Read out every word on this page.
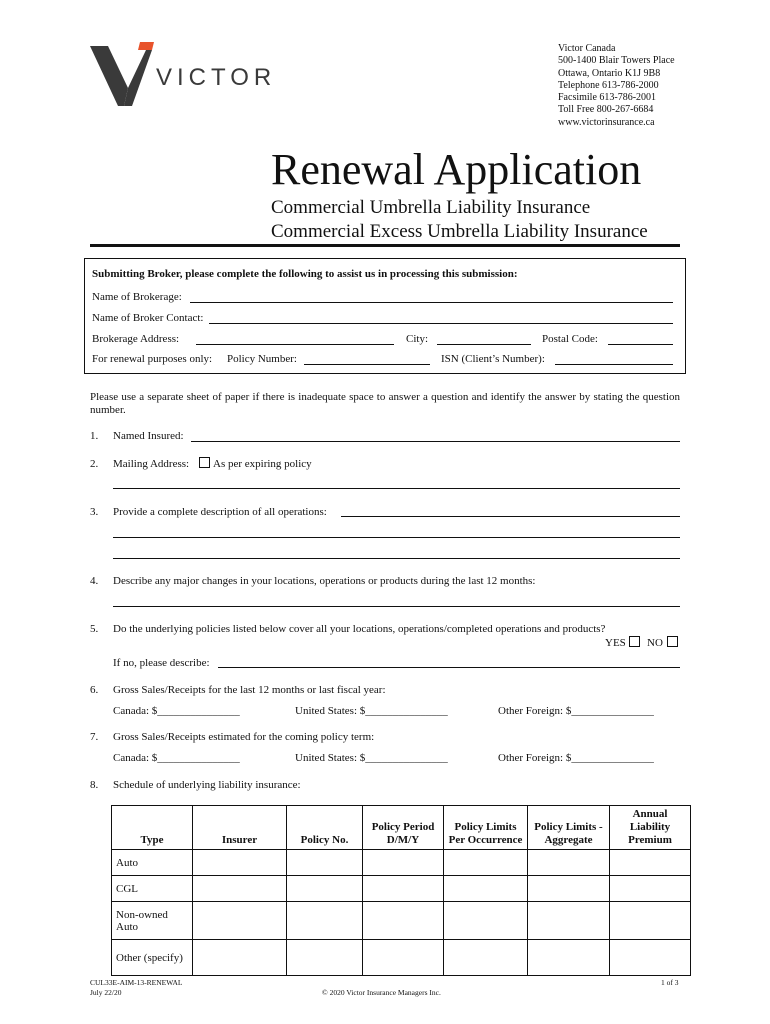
VICTOR
Victor Canada
500-1400 Blair Towers Place
Ottawa, Ontario K1J 9B8
Telephone 613-786-2000
Facsimile 613-786-2001
Toll Free 800-267-6684
www.victorinsurance.ca
Renewal Application
Commercial Umbrella Liability Insurance
Commercial Excess Umbrella Liability Insurance
Submitting Broker, please complete the following to assist us in processing this submission:
Name of Brokerage:
Name of Broker Contact:
Brokerage Address:	City:	Postal Code:
For renewal purposes only: Policy Number:	ISN (Client’s Number):
Please use a separate sheet of paper if there is inadequate space to answer a question and identify the answer by stating the question number.
1. Named Insured:
2. Mailing Address: As per expiring policy
3. Provide a complete description of all operations:
4. Describe any major changes in your locations, operations or products during the last 12 months:
5. Do the underlying policies listed below cover all your locations, operations/completed operations and products?
YES NO
If no, please describe:
6. Gross Sales/Receipts for the last 12 months or last fiscal year:
Canada: $_______________	United States: $_______________	Other Foreign: $_______________
7. Gross Sales/Receipts estimated for the coming policy term:
Canada: $_______________	United States: $_______________	Other Foreign: $_______________
8. Schedule of underlying liability insurance:
Type	Insurer	Policy No.	Policy Period D/M/Y	Policy Limits Per Occurrence	Policy Limits - Aggregate	Annual Liability Premium
Auto						
CGL						
Non-owned Auto						
Other (specify)						
CUL33E-AIM-13-RENEWAL
July 22/20	© 2020 Victor Insurance Managers Inc.
1 of 3
